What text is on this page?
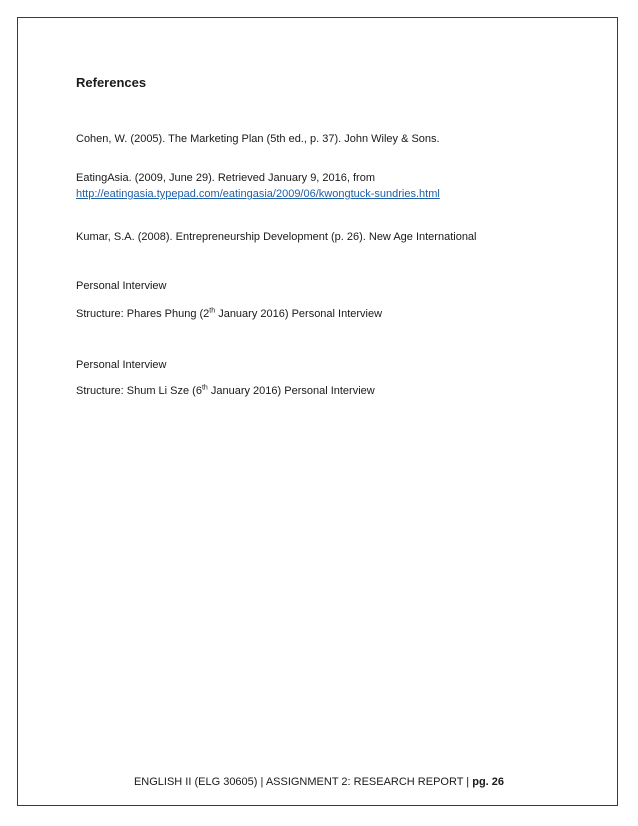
References
Cohen, W. (2005). The Marketing Plan (5th ed., p. 37). John Wiley & Sons.
EatingAsia. (2009, June 29). Retrieved January 9, 2016, from
http://eatingasia.typepad.com/eatingasia/2009/06/kwongtuck-sundries.html
Kumar, S.A. (2008). Entrepreneurship Development (p. 26). New Age International
Personal Interview
Structure: Phares Phung (2th January 2016) Personal Interview
Personal Interview
Structure: Shum Li Sze (6th January 2016) Personal Interview
ENGLISH II (ELG 30605) | ASSIGNMENT 2: RESEARCH REPORT | pg. 26
